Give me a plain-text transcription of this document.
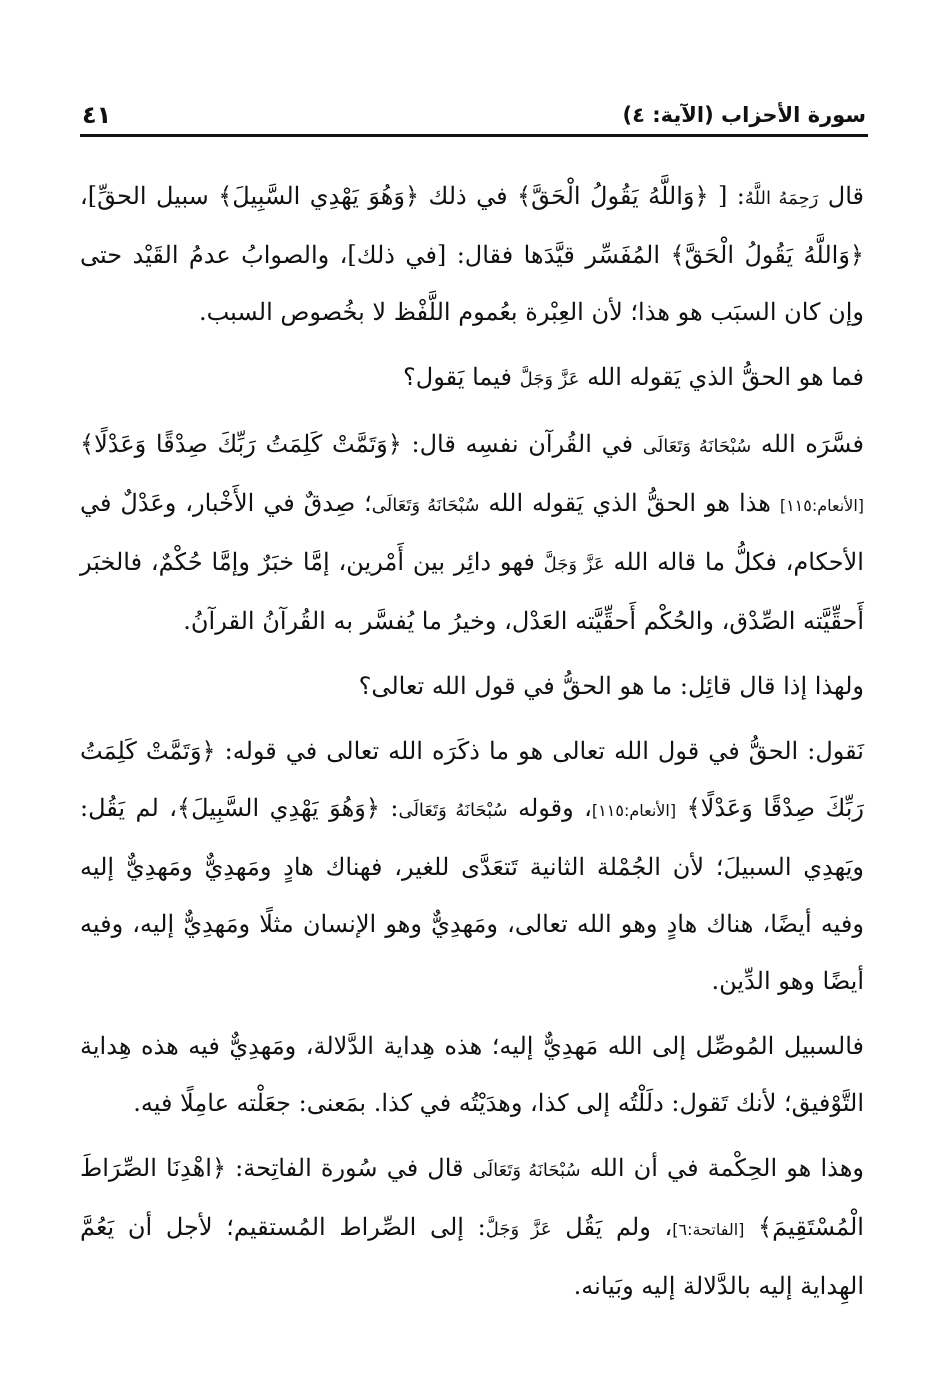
سورة الأحزاب (الآية: ٤)
٤١

قال رَحِمَهُ اللَّهُ: [ ﴿وَاللَّهُ يَقُولُ الْحَقَّ﴾ في ذلك ﴿وَهُوَ يَهْدِي السَّبِيلَ﴾ سبيل الحقِّ]، ﴿وَاللَّهُ يَقُولُ الْحَقَّ﴾ المُفَسِّر قيَّدَها فقال: [في ذلك]، والصوابُ عدمُ القَيْد حتى وإن كان السبَب هو هذا؛ لأن العِبْرة بعُموم اللَّفْظ لا بخُصوص السبب.

فما هو الحقُّ الذي يَقوله الله عَزَّ وَجَلَّ فيما يَقول؟

فسَّرَه الله سُبْحَانَهُ وَتَعَالَى في القُرآن نفسِه قال: ﴿وَتَمَّتْ كَلِمَتُ رَبِّكَ صِدْقًا وَعَدْلًا﴾ [الأنعام:١١٥] هذا هو الحقُّ الذي يَقوله الله سُبْحَانَهُ وَتَعَالَى؛ صِدقٌ في الأَخْبار، وعَدْلٌ في الأحكام، فكلُّ ما قاله الله عَزَّ وَجَلَّ فهو دائِر بين أَمْرين، إمَّا خبَرٌ وإمَّا حُكْمٌ، فالخبَر أَحقِّيَّته الصِّدْق، والحُكْم أَحقِّيَّته العَدْل، وخيرُ ما يُفسَّر به القُرآنُ القرآنُ.

ولهذا إذا قال قائِل: ما هو الحقُّ في قول الله تعالى؟

نَقول: الحقُّ في قول الله تعالى هو ما ذكَرَه الله تعالى في قوله: ﴿وَتَمَّتْ كَلِمَتُ رَبِّكَ صِدْقًا وَعَدْلًا﴾ [الأنعام:١١٥]، وقوله سُبْحَانَهُ وَتَعَالَى: ﴿وَهُوَ يَهْدِي السَّبِيلَ﴾، لم يَقُل: ويَهدِي السبيلَ؛ لأن الجُمْلة الثانية تَتعَدَّى للغير، فهناك هادٍ ومَهدِيٌّ ومَهدِيٌّ إليه وفيه أيضًا، هناك هادٍ وهو الله تعالى، ومَهدِيٌّ وهو الإنسان مثلًا ومَهدِيٌّ إليه، وفيه أيضًا وهو الدِّين.

فالسبيل المُوصِّل إلى الله مَهدِيٌّ إليه؛ هذه هِداية الدَّلالة، ومَهدِيٌّ فيه هذه هِداية التَّوْفيق؛ لأنك تَقول: دلَلْتُه إلى كذا، وهدَيْتُه في كذا. بمَعنى: جعَلْته عامِلًا فيه.

وهذا هو الحِكْمة في أن الله سُبْحَانَهُ وَتَعَالَى قال في سُورة الفاتِحة: ﴿اهْدِنَا الصِّرَاطَ الْمُسْتَقِيمَ﴾ [الفاتحة:٦]، ولم يَقُل عَزَّ وَجَلَّ: إلى الصِّراط المُستقيم؛ لأجل أن يَعُمَّ الهِداية إليه بالدَّلالة إليه وبَيانه.
